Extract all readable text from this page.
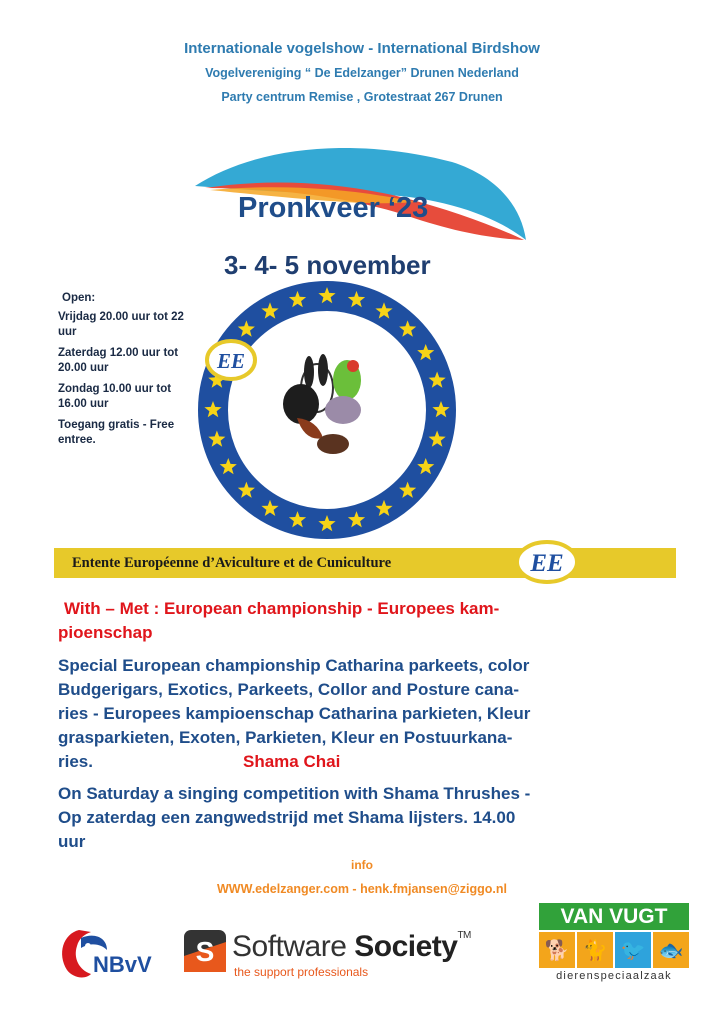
Internationale vogelshow - International Birdshow
Vogelvereniging “ De Edelzanger” Drunen Nederland
Party centrum Remise , Grotestraat 267 Drunen
Pronkveer ‘23
3- 4- 5 november
Open:
Vrijdag 20.00 uur tot 22 uur
Zaterdag 12.00 uur tot 20.00 uur
Zondag 10.00 uur tot 16.00 uur
Toegang gratis - Free entree.
EE
Entente Européenne d’Aviculture et de Cuniculture	EE
With – Met : European championship - Europees kam-
pioenschap
Special European championship Catharina parkeets, color
Budgerigars, Exotics, Parkeets, Collor and Posture cana-
ries - Europees kampioenschap Catharina parkieten, Kleur
grasparkieten, Exoten, Parkieten, Kleur en Postuurkana-
ries.	Shama Chai
On Saturday a singing competition with Shama Thrushes -
Op zaterdag een zangwedstrijd met Shama lijsters. 14.00
uur
info
WWW.edelzanger.com - henk.fmjansen@ziggo.nl
NBvV S Software Society™
the support professionals
VAN VUGT
🐕 🐈 🐦 🐟
dierenspeciaalzaak
